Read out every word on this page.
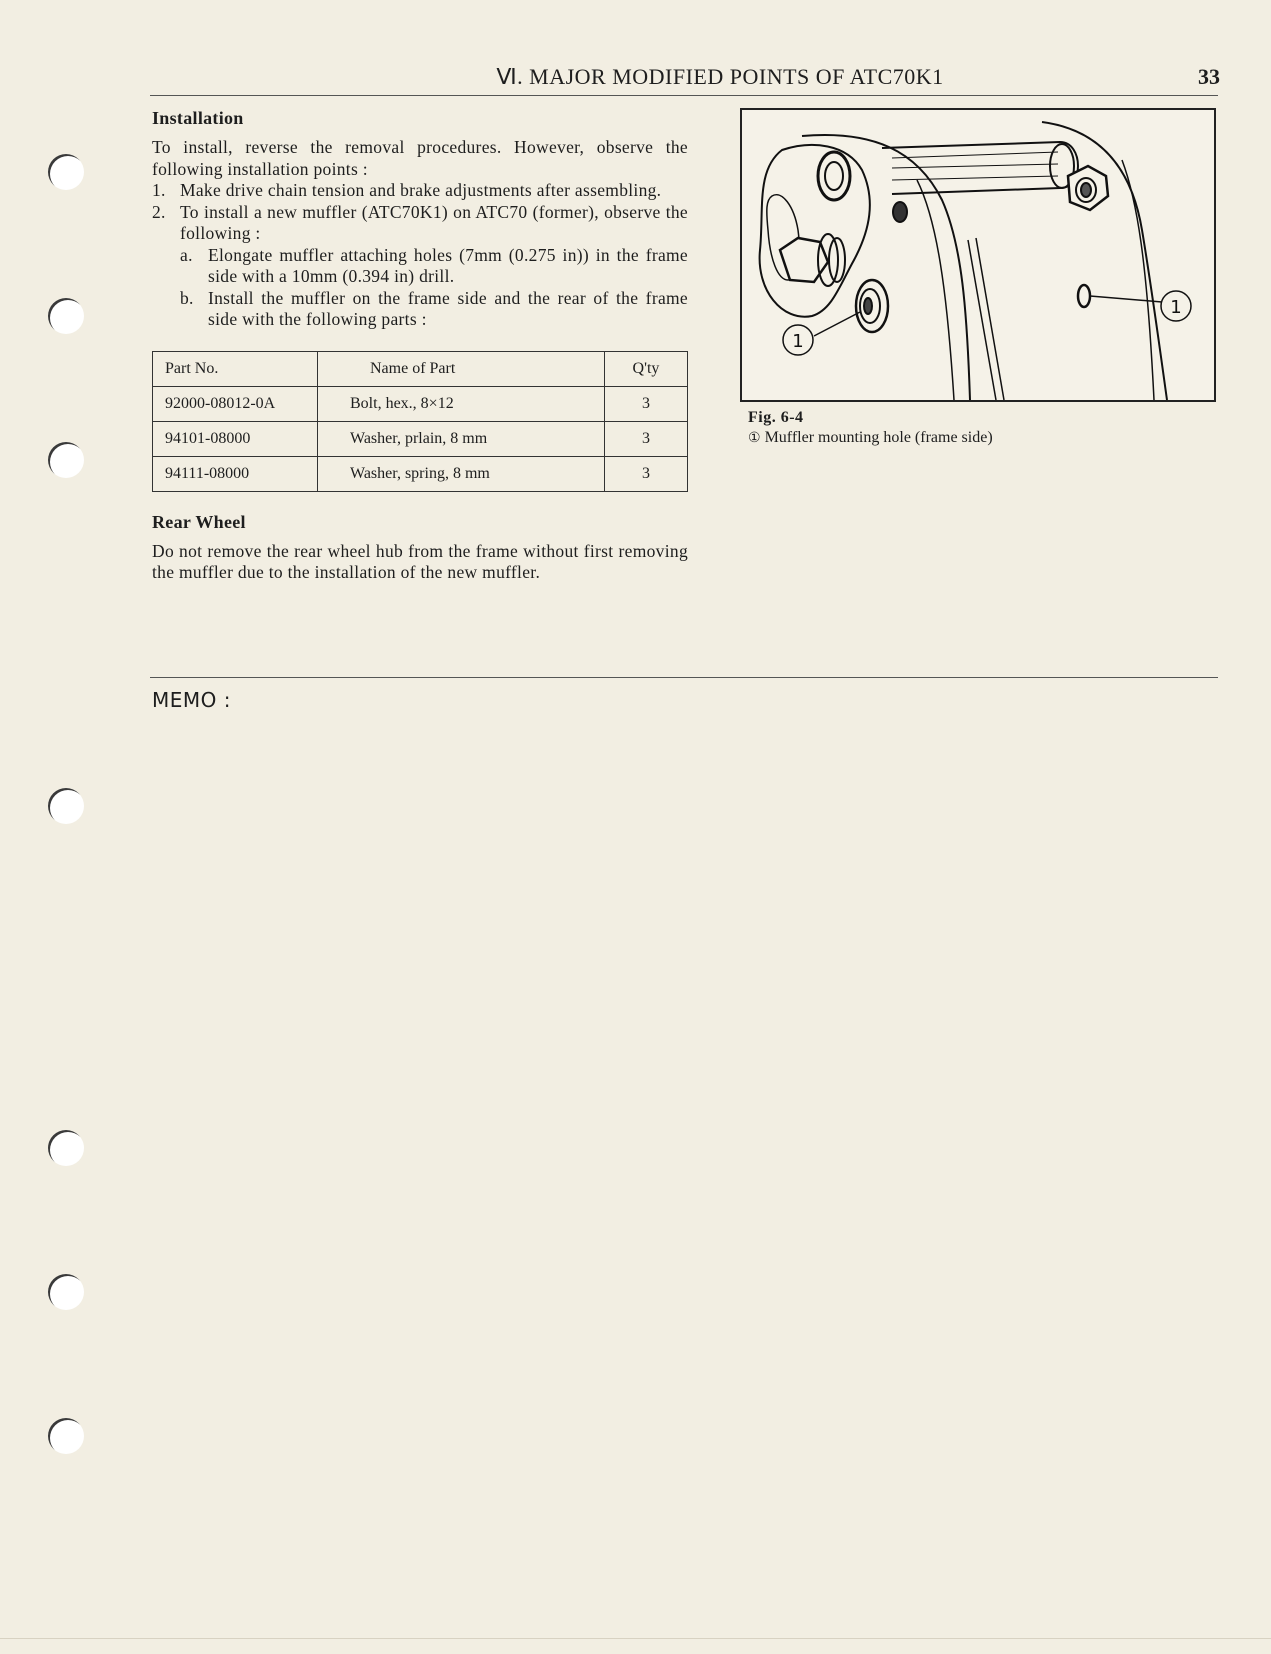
Ⅵ. MAJOR MODIFIED POINTS OF ATC70K1	33
Installation

To install, reverse the removal procedures. However, observe the following installation points :

1. Make drive chain tension and brake adjustments after assembling.
2. To install a new muffler (ATC70K1) on ATC70 (former), observe the following :
a. Elongate muffler attaching holes (7mm (0.275 in)) in the frame side with a 10mm (0.394 in) drill.
b. Install the muffler on the frame side and the rear of the frame side with the following parts :
Part No.	Name of Part	Q'ty
92000-08012-0A	Bolt, hex., 8×12	3
94101-08000	Washer, prlain, 8 mm	3
94111-08000	Washer, spring, 8 mm	3
Rear Wheel

Do not remove the rear wheel hub from the frame without first removing the muffler due to the installation of the new muffler.

1
1
Fig. 6-4
① Muffler mounting hole (frame side)
MEMO :
